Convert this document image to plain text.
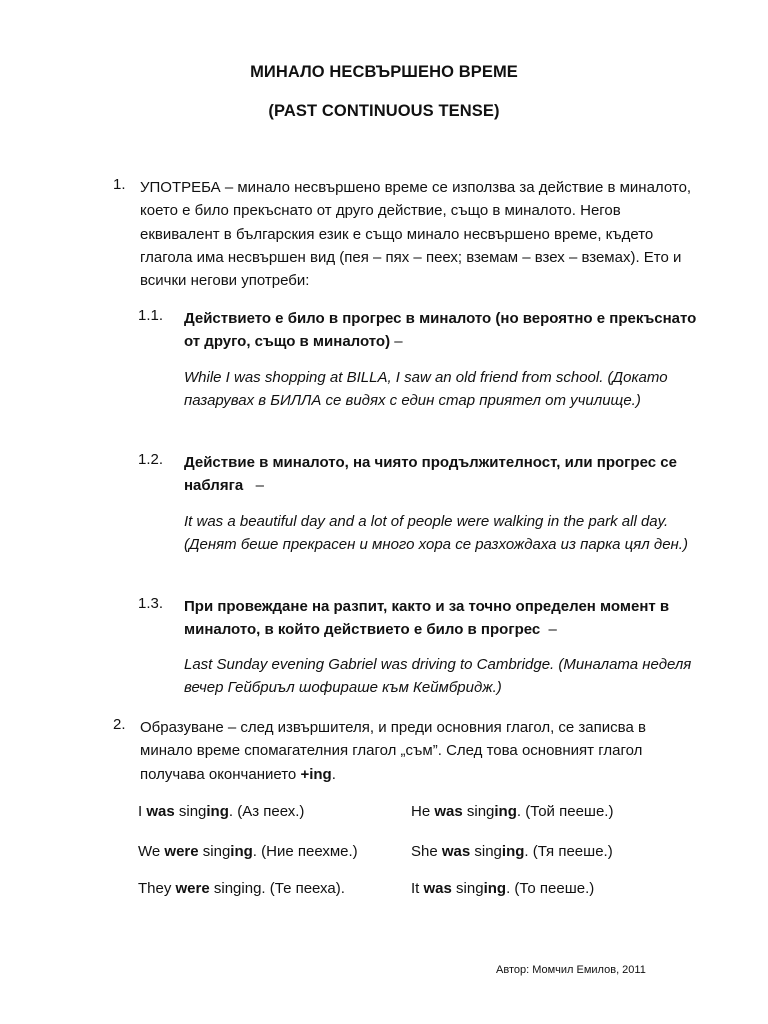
МИНАЛО НЕСВЪРШЕНО ВРЕМЕ
(PAST CONTINUOUS TENSE)
1. УПОТРЕБА – минало несвършено време се използва за действие в миналото, което е било прекъснато от друго действие, също в миналото. Негов еквивалент в българския език е също минало несвършено време, където глагола има несвършен вид (пея – пях – пеех; вземам – взех – вземах). Ето и всички негови употреби:
1.1. Действието е било в прогрес в миналото (но вероятно е прекъснато от друго, също в миналото) –
While I was shopping at BILLA, I saw an old friend from school. (Докато пазарувах в БИЛЛА се видях с един стар приятел от училище.)
1.2. Действие в миналото, на чиято продължителност, или прогрес се набляга   –
It was a beautiful day and a lot of people were walking in the park all day. (Денят беше прекрасен и много хора се разхождаха из парка цял ден.)
1.3. При провеждане на разпит, както и за точно определен момент в миналото, в който действието е било в прогрес  –
Last Sunday evening Gabriel was driving to Cambridge. (Миналата неделя вечер Гейбриъл шофираше към Кеймбридж.)
2. Образуване – след извършителя, и преди основния глагол, се записва в минало време спомагателния глагол „съм”. След това основният глагол получава окончанието +ing.
I was singing. (Аз пеех.)
We were singing. (Ние пеехме.)
They were singing. (Те пееха).
He was singing. (Той пееше.)
She was singing. (Тя пееше.)
It was singing. (То пееше.)
Автор: Момчил Емилов, 2011
